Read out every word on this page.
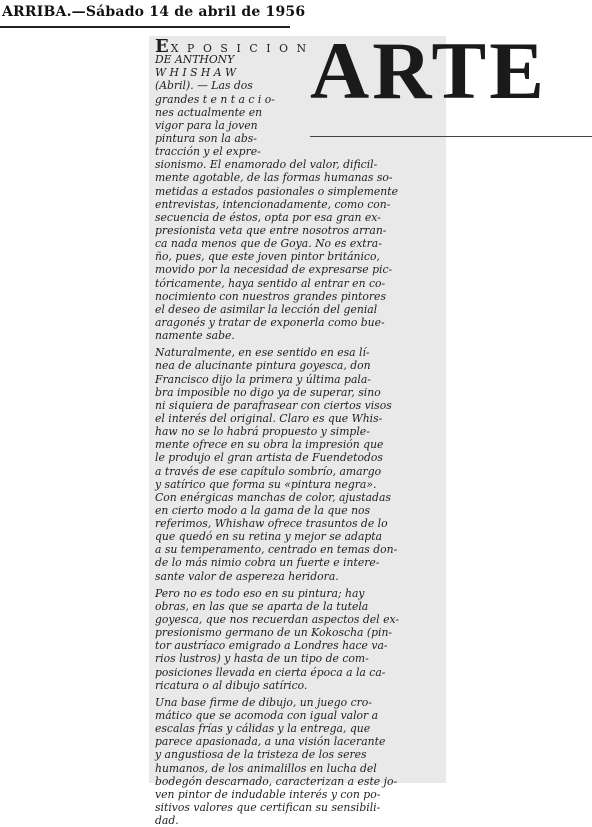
ARRIBA.—Sábado 14 de abril de 1956
ARTE
E X P O S I C I O N
DE ANTHONY
W H I S H A W
(Abril). — Las dos
grandes t e n t a c i o-
nes actualmente en
vigor para la joven
pintura son la abs-
tracción y el expre-
sionismo. El enamorado del valor, dificil-
mente agotable, de las formas humanas so-
metidas a estados pasionales o simplemente
entrevistas, intencionadamente, como con-
secuencia de éstos, opta por esa gran ex-
presionista veta que entre nosotros arran-
ca nada menos que de Goya. No es extra-
ño, pues, que este joven pintor británico,
movido por la necesidad de expresarse pic-
tóricamente, haya sentido al entrar en co-
nocimiento con nuestros grandes pintores
el deseo de asimilar la lección del genial
aragonés y tratar de exponerla como bue-
namente sabe.
Naturalmente, en ese sentido en esa lí-
nea de alucinante pintura goyesca, don
Francisco dijo la primera y última pala-
bra imposible no digo ya de superar, sino
ni siquiera de parafrasear con ciertos visos
el interés del original. Claro es que Whis-
haw no se lo habrá propuesto y simple-
mente ofrece en su obra la impresión que
le produjo el gran artista de Fuendetodos
a través de ese capítulo sombrío, amargo
y satírico que forma su «pintura negra».
Con enérgicas manchas de color, ajustadas
en cierto modo a la gama de la que nos
referimos, Whishaw ofrece trasuntos de lo
que quedó en su retina y mejor se adapta
a su temperamento, centrado en temas don-
de lo más nimio cobra un fuerte e intere-
sante valor de aspereza heridora.
Pero no es todo eso en su pintura; hay
obras, en las que se aparta de la tutela
goyesca, que nos recuerdan aspectos del ex-
presionismo germano de un Kokoscha (pin-
tor austríaco emigrado a Londres hace va-
rios lustros) y hasta de un tipo de com-
posiciones llevada en cierta época a la ca-
ricatura o al dibujo satírico.
Una base firme de dibujo, un juego cro-
mático que se acomoda con igual valor a
escalas frías y cálidas y la entrega, que
parece apasionada, a una visión lacerante
y angustiosa de la tristeza de los seres
humanos, de los animalillos en lucha del
bodegón descarnado, caracterizan a este jo-
ven pintor de indudable interés y con po-
sitivos valores que certifican su sensibili-
dad.
